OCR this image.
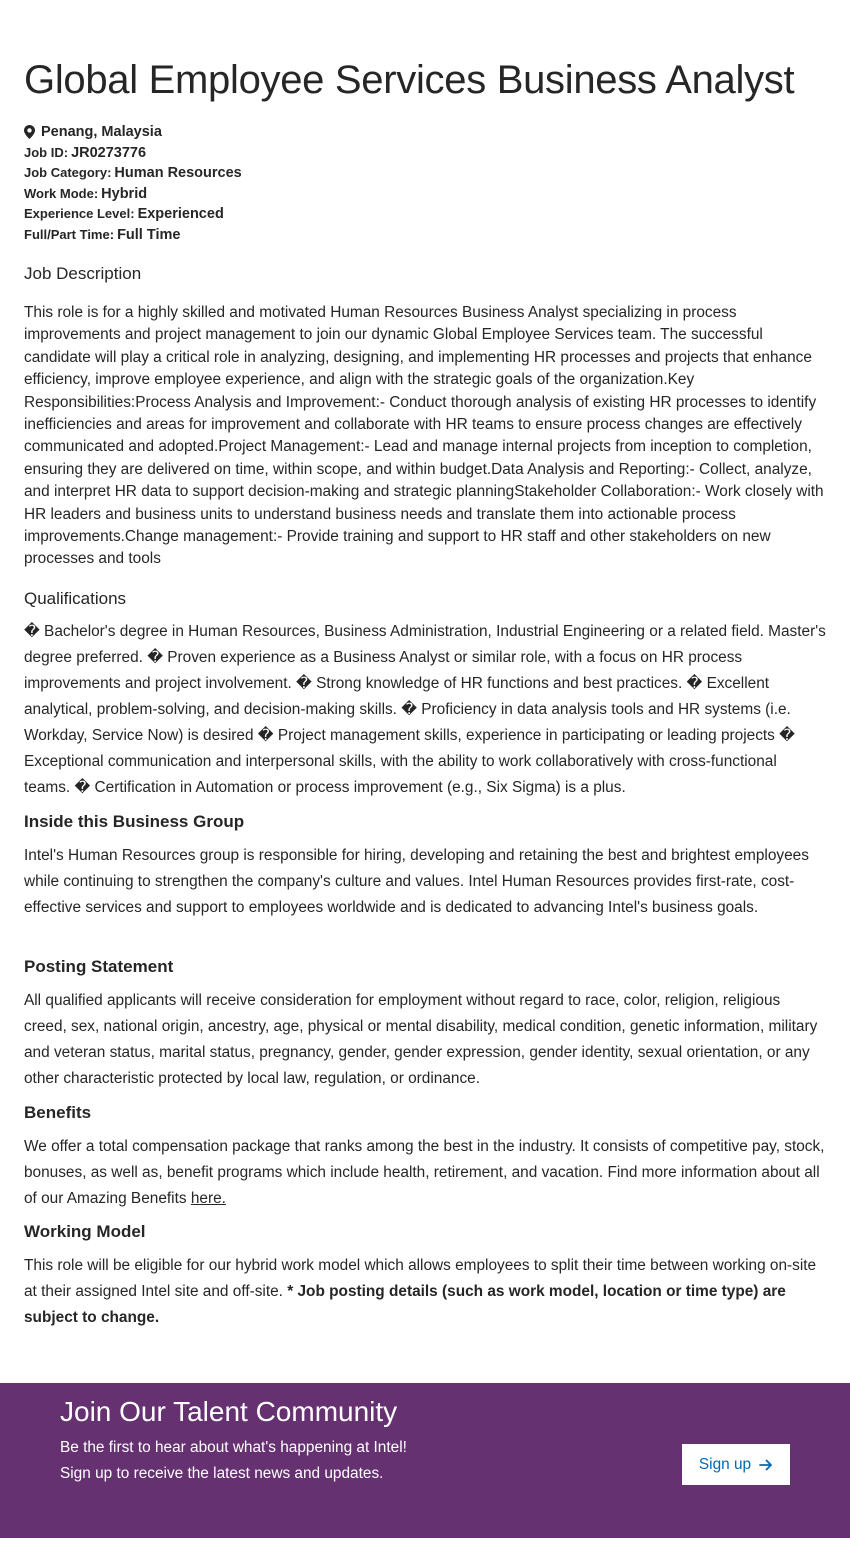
Global Employee Services Business Analyst
Penang, Malaysia
Job ID: JR0273776
Job Category: Human Resources
Work Mode: Hybrid
Experience Level: Experienced
Full/Part Time: Full Time
Job Description

This role is for a highly skilled and motivated Human Resources Business Analyst specializing in process improvements and project management to join our dynamic Global Employee Services team. The successful candidate will play a critical role in analyzing, designing, and implementing HR processes and projects that enhance efficiency, improve employee experience, and align with the strategic goals of the organization.Key Responsibilities:Process Analysis and Improvement:- Conduct thorough analysis of existing HR processes to identify inefficiencies and areas for improvement and collaborate with HR teams to ensure process changes are effectively communicated and adopted.Project Management:- Lead and manage internal projects from inception to completion, ensuring they are delivered on time, within scope, and within budget.Data Analysis and Reporting:- Collect, analyze, and interpret HR data to support decision-making and strategic planningStakeholder Collaboration:- Work closely with HR leaders and business units to understand business needs and translate them into actionable process improvements.Change management:- Provide training and support to HR staff and other stakeholders on new processes and tools

Qualifications

� Bachelor's degree in Human Resources, Business Administration, Industrial Engineering or a related field. Master's degree preferred. � Proven experience as a Business Analyst or similar role, with a focus on HR process improvements and project involvement. � Strong knowledge of HR functions and best practices. � Excellent analytical, problem-solving, and decision-making skills. � Proficiency in data analysis tools and HR systems (i.e. Workday, Service Now) is desired � Project management skills, experience in participating or leading projects � Exceptional communication and interpersonal skills, with the ability to work collaboratively with cross-functional teams. � Certification in Automation or process improvement (e.g., Six Sigma) is a plus.

Inside this Business Group

Intel's Human Resources group is responsible for hiring, developing and retaining the best and brightest employees while continuing to strengthen the company's culture and values. Intel Human Resources provides first-rate, cost-effective services and support to employees worldwide and is dedicated to advancing Intel's business goals.

Posting Statement

All qualified applicants will receive consideration for employment without regard to race, color, religion, religious creed, sex, national origin, ancestry, age, physical or mental disability, medical condition, genetic information, military and veteran status, marital status, pregnancy, gender, gender expression, gender identity, sexual orientation, or any other characteristic protected by local law, regulation, or ordinance.

Benefits

We offer a total compensation package that ranks among the best in the industry. It consists of competitive pay, stock, bonuses, as well as, benefit programs which include health, retirement, and vacation. Find more information about all of our Amazing Benefits here.

Working Model

This role will be eligible for our hybrid work model which allows employees to split their time between working on-site at their assigned Intel site and off-site. * Job posting details (such as work model, location or time type) are subject to change.

Join Our Talent Community
Be the first to hear about what's happening at Intel! Sign up to receive the latest news and updates.
Sign up
